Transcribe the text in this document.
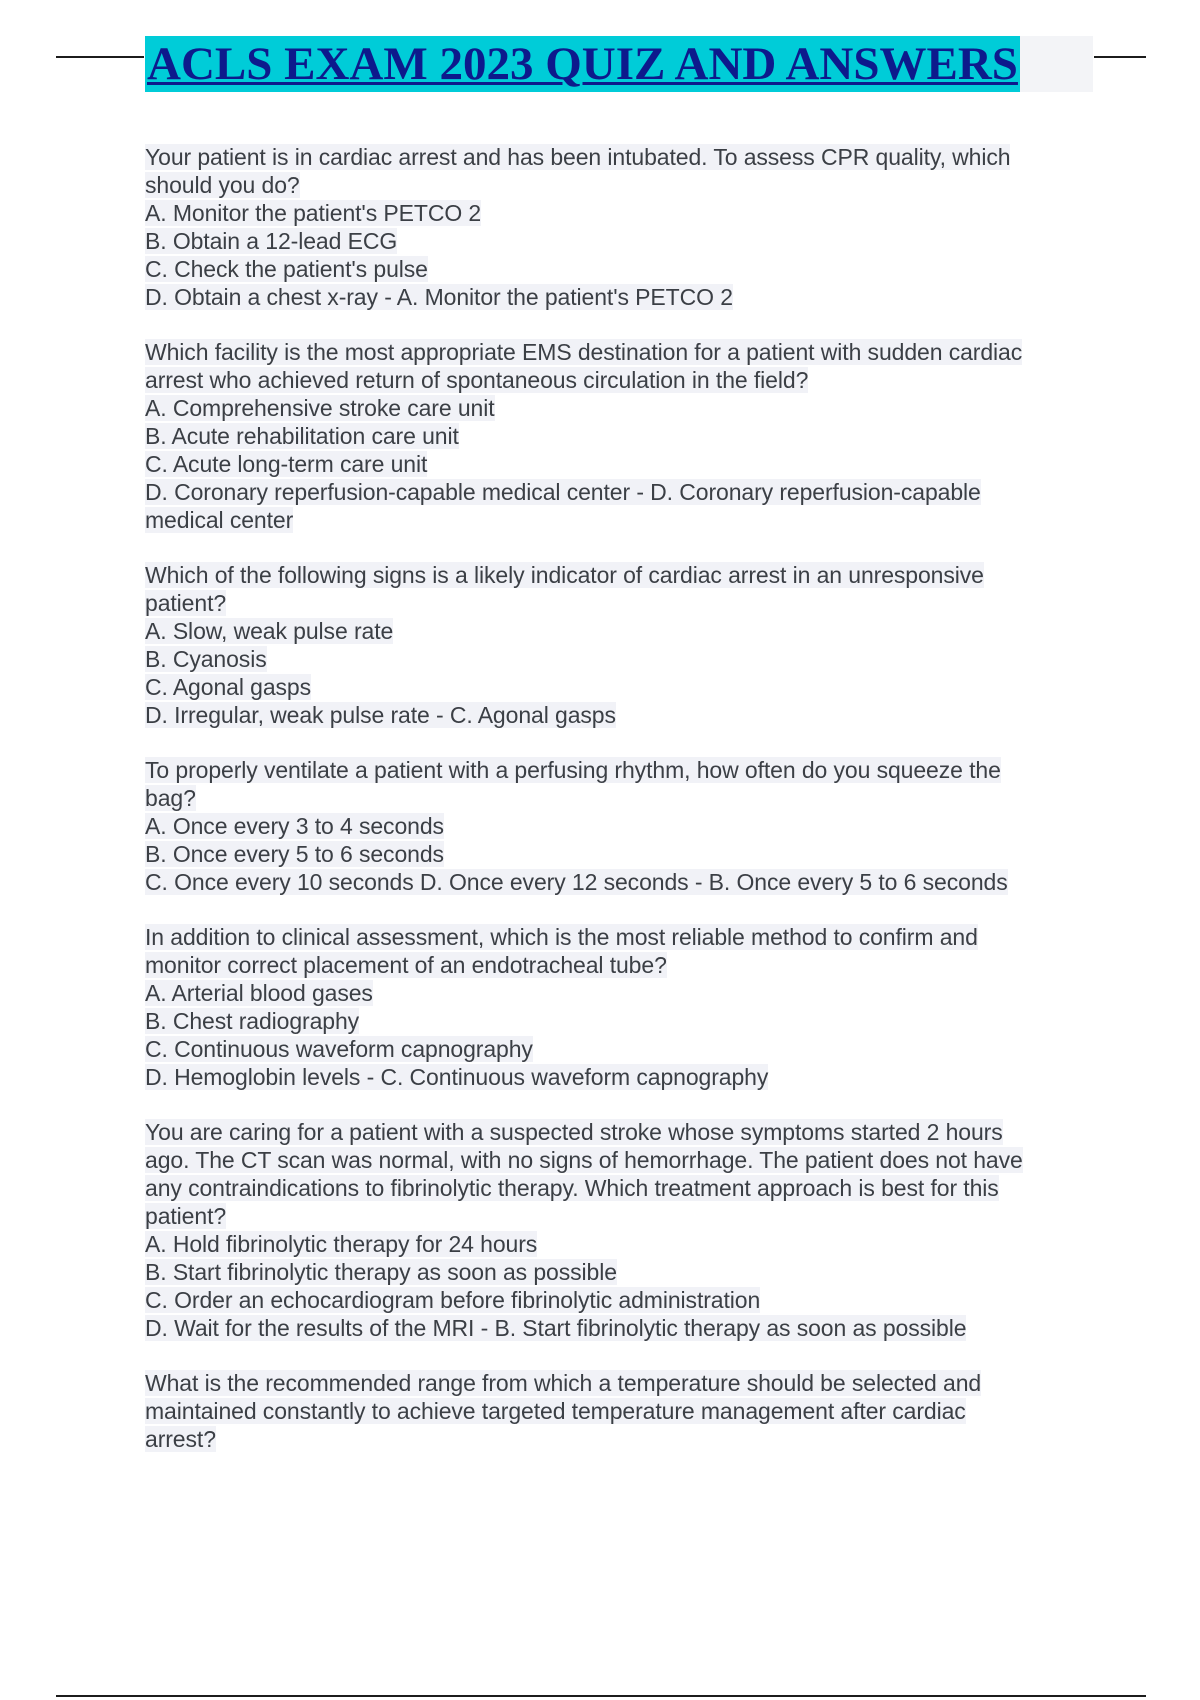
ACLS EXAM 2023 QUIZ AND ANSWERS
Your patient is in cardiac arrest and has been intubated. To assess CPR quality, which
should you do?
A. Monitor the patient's PETCO 2
B. Obtain a 12-lead ECG
C. Check the patient's pulse
D. Obtain a chest x-ray - A. Monitor the patient's PETCO 2
Which facility is the most appropriate EMS destination for a patient with sudden cardiac
arrest who achieved return of spontaneous circulation in the field?
A. Comprehensive stroke care unit
B. Acute rehabilitation care unit
C. Acute long-term care unit
D. Coronary reperfusion-capable medical center - D. Coronary reperfusion-capable
medical center
Which of the following signs is a likely indicator of cardiac arrest in an unresponsive
patient?
A. Slow, weak pulse rate
B. Cyanosis
C. Agonal gasps
D. Irregular, weak pulse rate - C. Agonal gasps
To properly ventilate a patient with a perfusing rhythm, how often do you squeeze the
bag?
A. Once every 3 to 4 seconds
B. Once every 5 to 6 seconds
C. Once every 10 seconds D. Once every 12 seconds - B. Once every 5 to 6 seconds
In addition to clinical assessment, which is the most reliable method to confirm and
monitor correct placement of an endotracheal tube?
A. Arterial blood gases
B. Chest radiography
C. Continuous waveform capnography
D. Hemoglobin levels - C. Continuous waveform capnography
You are caring for a patient with a suspected stroke whose symptoms started 2 hours
ago. The CT scan was normal, with no signs of hemorrhage. The patient does not have
any contraindications to fibrinolytic therapy. Which treatment approach is best for this
patient?
A. Hold fibrinolytic therapy for 24 hours
B. Start fibrinolytic therapy as soon as possible
C. Order an echocardiogram before fibrinolytic administration
D. Wait for the results of the MRI - B. Start fibrinolytic therapy as soon as possible
What is the recommended range from which a temperature should be selected and
maintained constantly to achieve targeted temperature management after cardiac
arrest?
